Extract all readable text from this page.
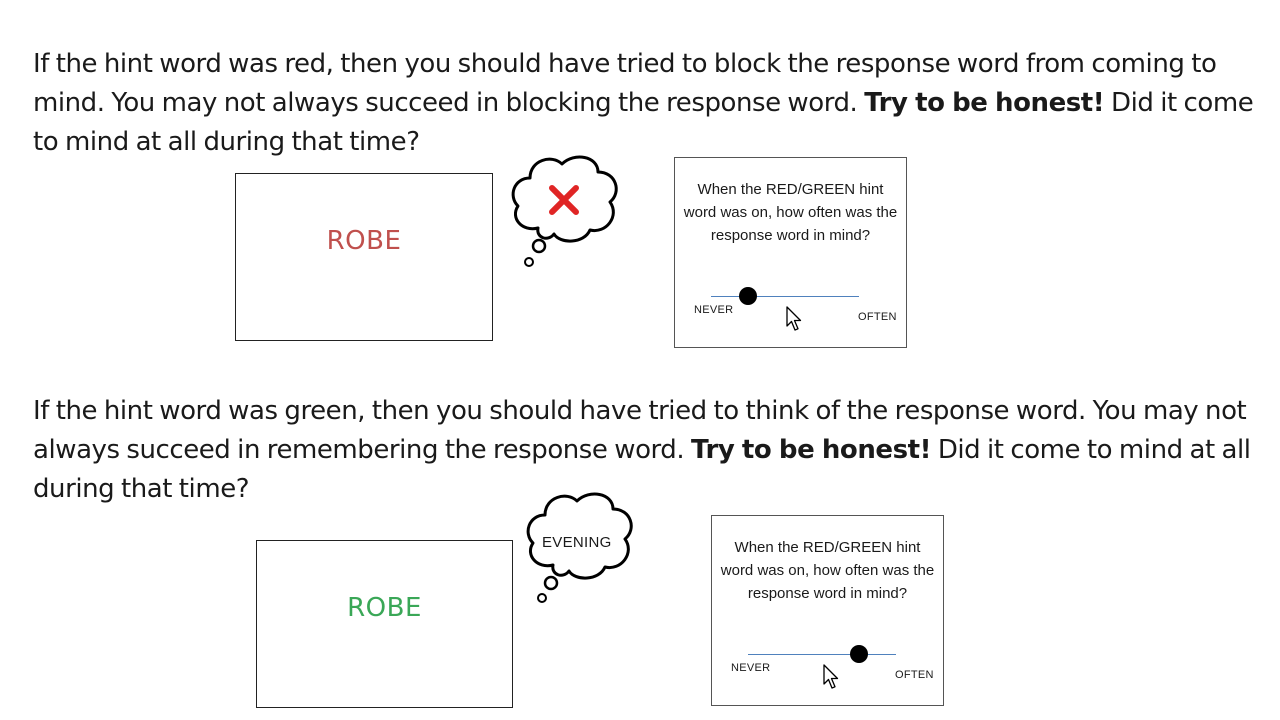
If the hint word was red, then you should have tried to block the response word from coming to mind. You may not always succeed in blocking the response word. Try to be honest! Did it come to mind at all during that time?

ROBE
When the RED/GREEN hint word was on, how often was the response word in mind?
NEVER
OFTEN

If the hint word was green, then you should have tried to think of the response word. You may not always succeed in remembering the response word. Try to be honest! Did it come to mind at all during that time?

ROBE
EVENING	When the RED/GREEN hint word was on, how often was the response word in mind?
NEVER
OFTEN
